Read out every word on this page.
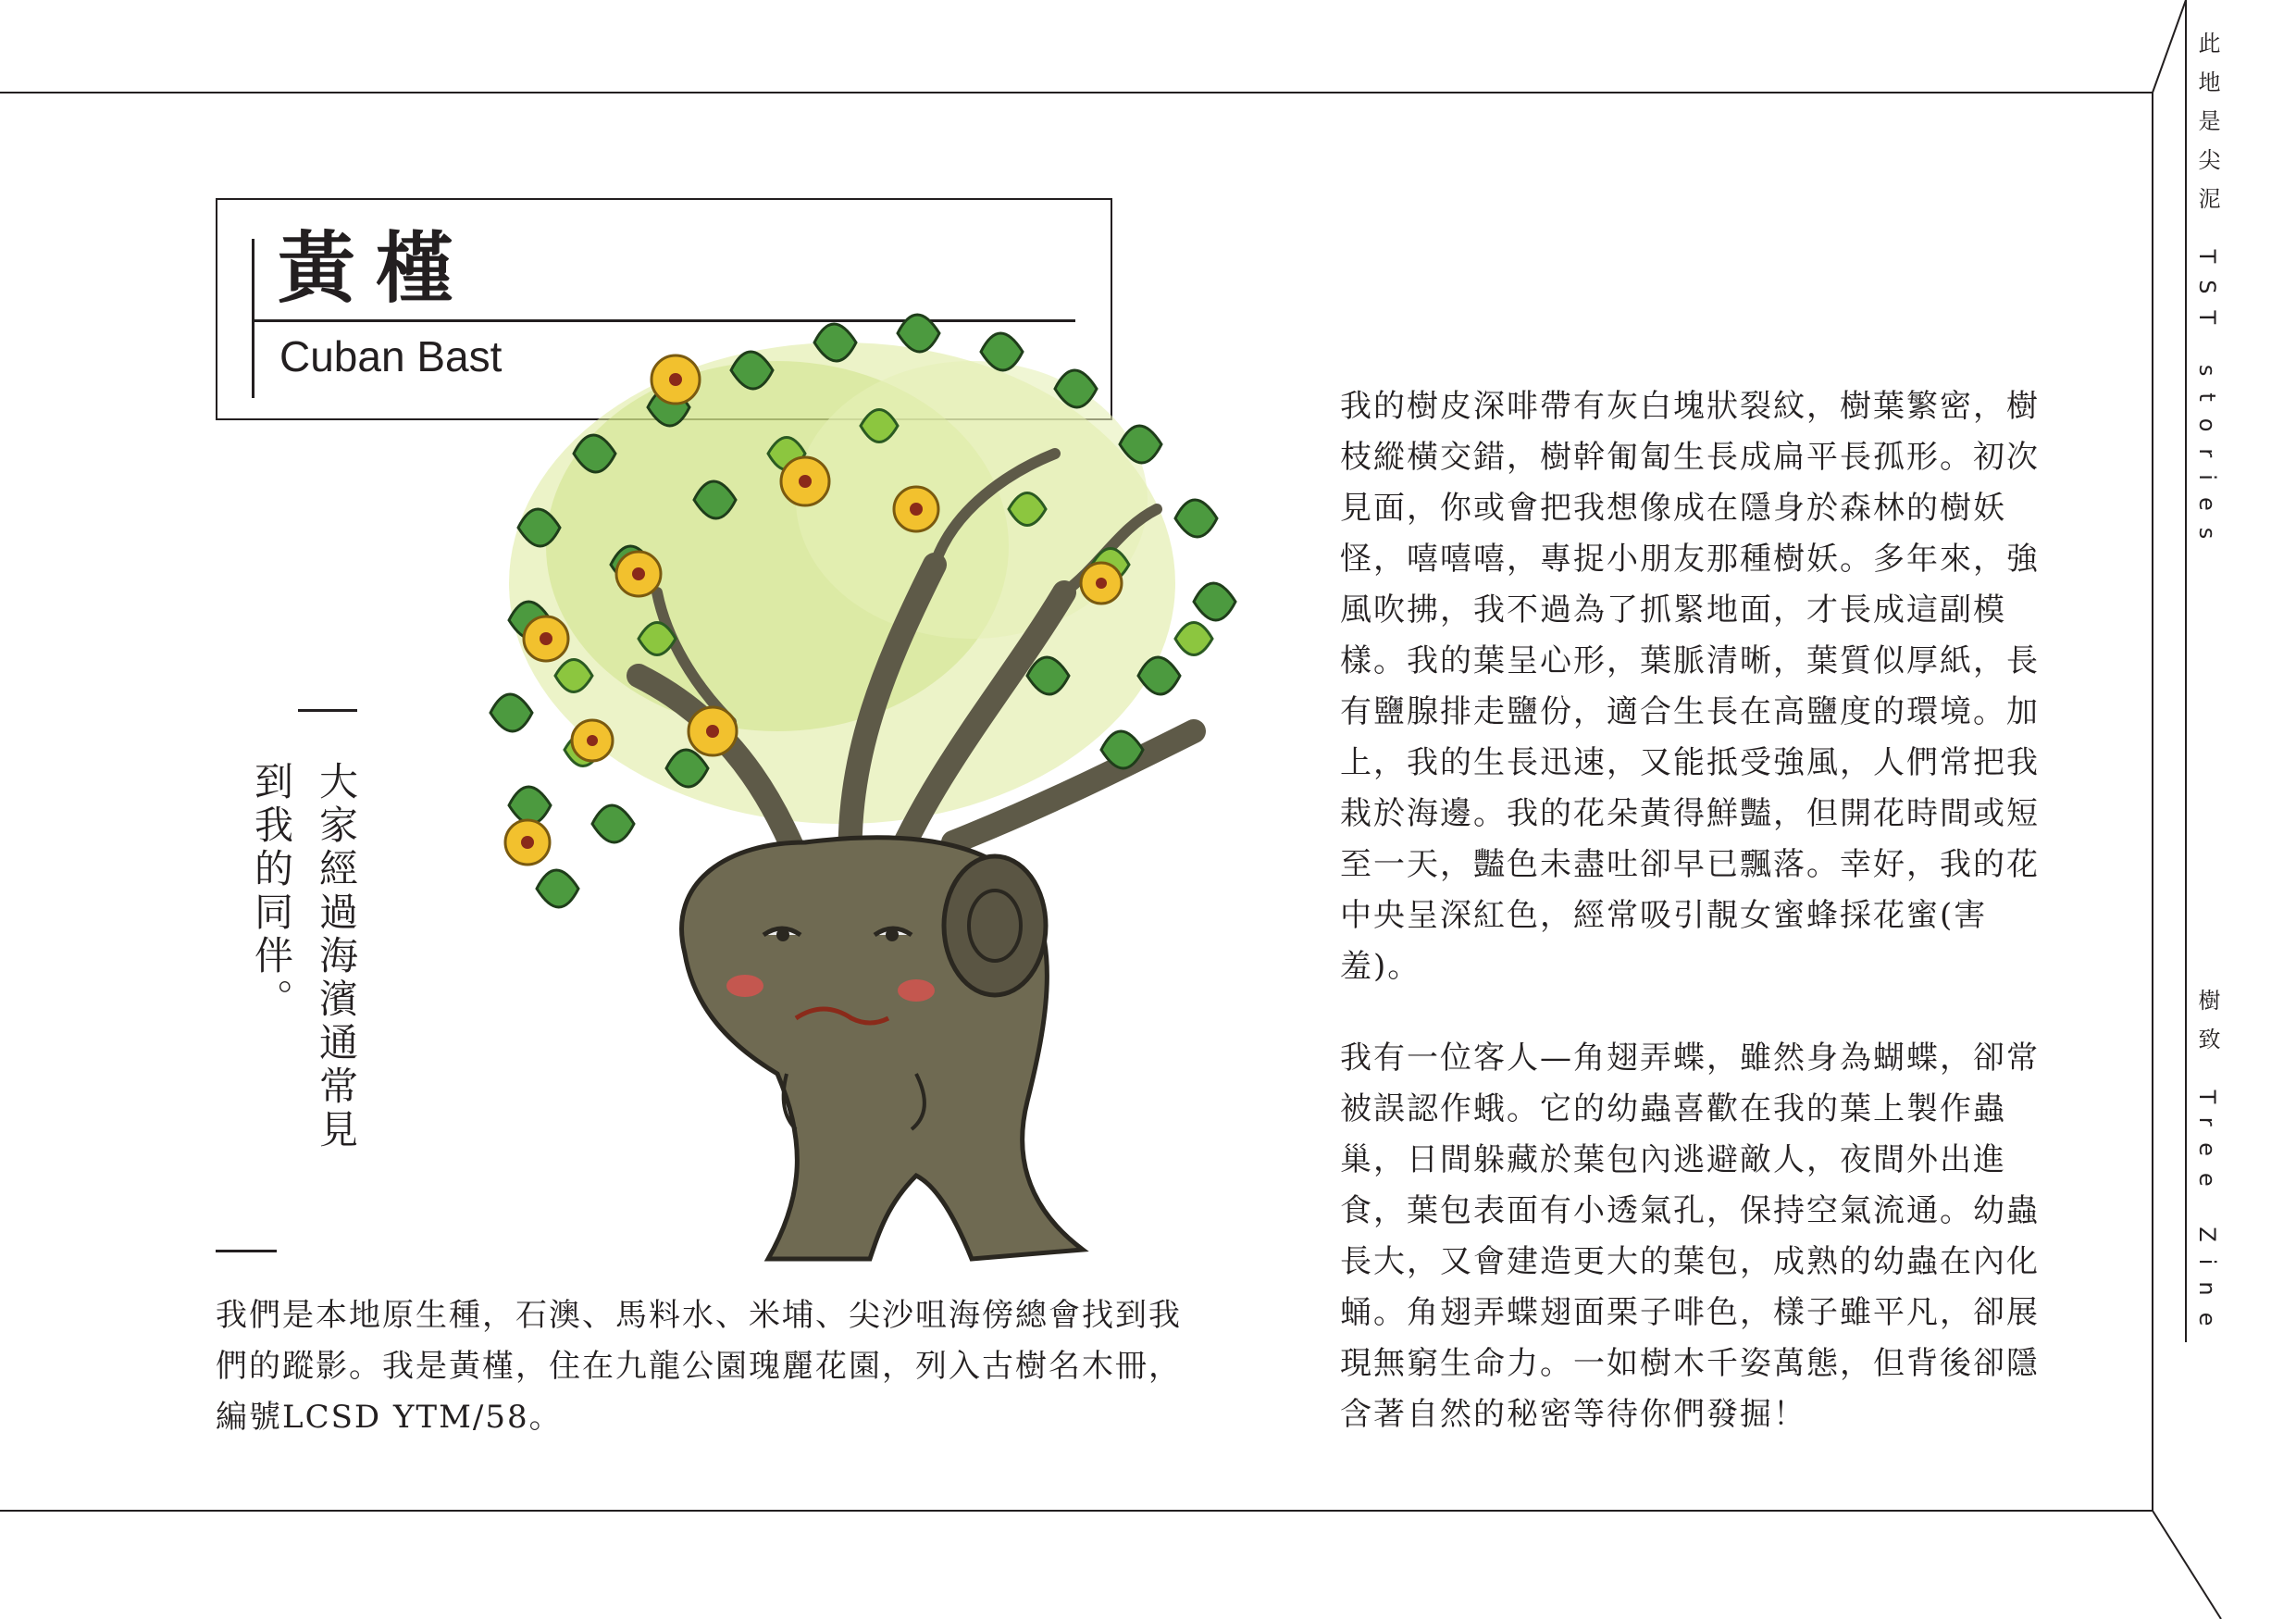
黃槿
Cuban Bast
大家經過海濱通常見
到我的同伴。

我們是本地原生種，石澳、馬料水、米埔、尖沙咀海傍總會找到我們的蹤影。我是黃槿，住在九龍公園瑰麗花園，列入古樹名木冊，編號LCSD YTM/58。

我的樹皮深啡帶有灰白塊狀裂紋，樹葉繁密，樹枝縱橫交錯，樹幹匍匐生長成扁平長孤形。初次見面，你或會把我想像成在隱身於森林的樹妖怪，嘻嘻嘻，專捉小朋友那種樹妖。多年來，強風吹拂，我不過為了抓緊地面，才長成這副模樣。我的葉呈心形，葉脈清晰，葉質似厚紙，長有鹽腺排走鹽份，適合生長在高鹽度的環境。加上，我的生長迅速，又能抵受強風，人們常把我栽於海邊。我的花朵黃得鮮豔，但開花時間或短至一天，豔色未盡吐卻早已飄落。幸好，我的花中央呈深紅色，經常吸引靚女蜜蜂採花蜜(害羞)。

我有一位客人—角翅弄蝶，雖然身為蝴蝶，卻常被誤認作蛾。它的幼蟲喜歡在我的葉上製作蟲巢，日間躲藏於葉包內逃避敵人，夜間外出進食，葉包表面有小透氣孔，保持空氣流通。幼蟲長大，又會建造更大的葉包，成熟的幼蟲在內化蛹。角翅弄蝶翅面栗子啡色，樣子雖平凡，卻展現無窮生命力。一如樹木千姿萬態，但背後卻隱含著自然的秘密等待你們發掘！

此地是尖泥 TST stories
樹致 Tree Zine
